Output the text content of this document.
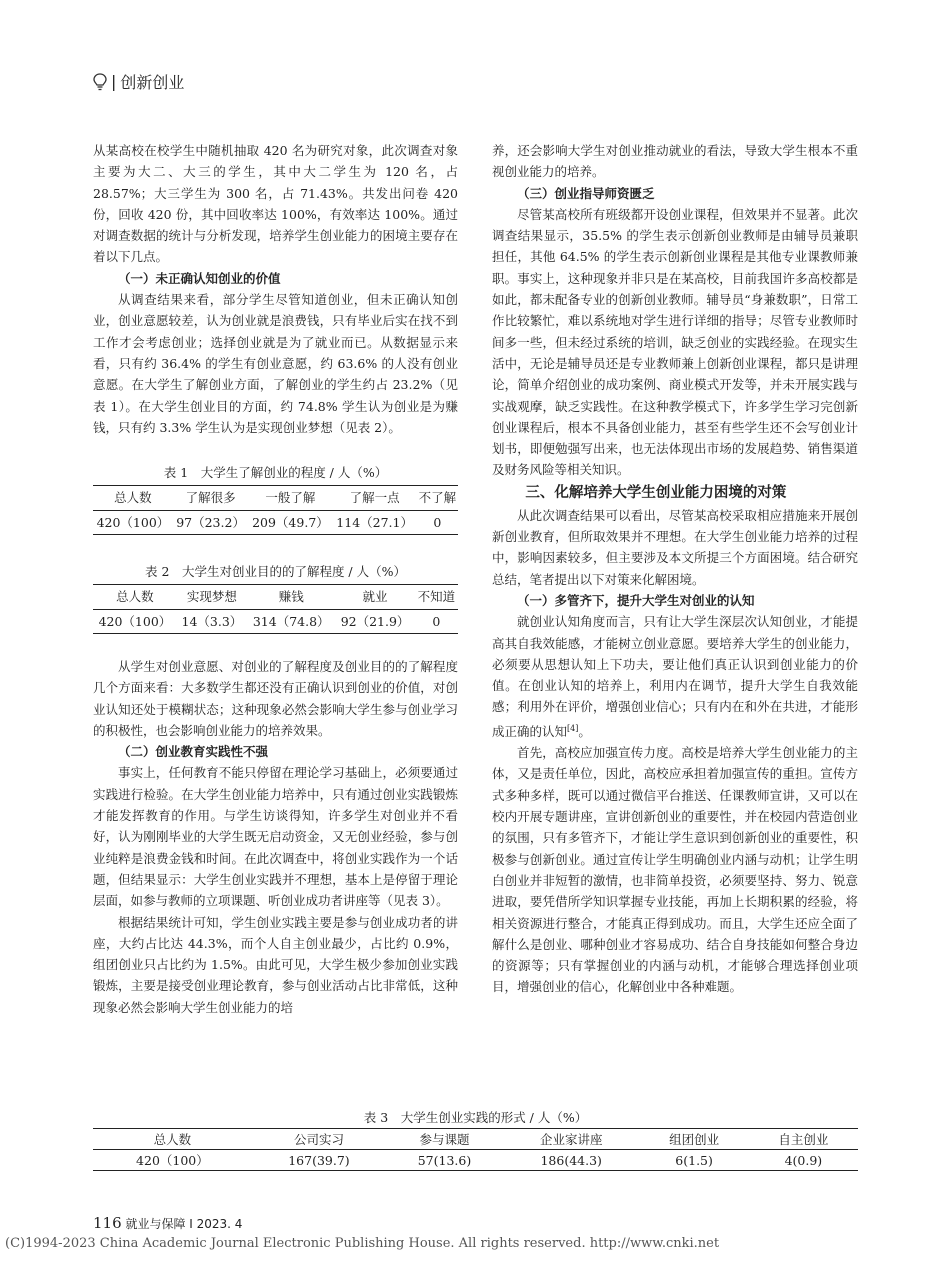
| 创新创业

从某高校在校学生中随机抽取 420 名为研究对象，此次调查对象主要为大二、大三的学生，其中大二学生为 120 名，占 28.57%；大三学生为 300 名，占 71.43%。共发出问卷 420 份，回收 420 份，其中回收率达 100%，有效率达 100%。通过对调查数据的统计与分析发现，培养学生创业能力的困境主要存在着以下几点。

（一）未正确认知创业的价值

从调查结果来看，部分学生尽管知道创业，但未正确认知创业，创业意愿较差，认为创业就是浪费钱，只有毕业后实在找不到工作才会考虑创业；选择创业就是为了就业而已。从数据显示来看，只有约 36.4% 的学生有创业意愿，约 63.6% 的人没有创业意愿。在大学生了解创业方面，了解创业的学生约占 23.2%（见表 1）。在大学生创业目的方面，约 74.8% 学生认为创业是为赚钱，只有约 3.3% 学生认为是实现创业梦想（见表 2）。

表 1　大学生了解创业的程度 / 人（%）
总人数	了解很多	一般了解	了解一点	不了解
420（100）	97（23.2）	209（49.7）	114（27.1）	0
表 2　大学生对创业目的的了解程度 / 人（%）
总人数	实现梦想	赚钱	就业	不知道
420（100）	14（3.3）	314（74.8）	92（21.9）	0

从学生对创业意愿、对创业的了解程度及创业目的的了解程度几个方面来看：大多数学生都还没有正确认识到创业的价值，对创业认知还处于模糊状态；这种现象必然会影响大学生参与创业学习的积极性，也会影响创业能力的培养效果。

（二）创业教育实践性不强

事实上，任何教育不能只停留在理论学习基础上，必须要通过实践进行检验。在大学生创业能力培养中，只有通过创业实践锻炼才能发挥教育的作用。与学生访谈得知，许多学生对创业并不看好，认为刚刚毕业的大学生既无启动资金，又无创业经验，参与创业纯粹是浪费金钱和时间。在此次调查中，将创业实践作为一个话题，但结果显示：大学生创业实践并不理想，基本上是停留于理论层面，如参与教师的立项课题、听创业成功者讲座等（见表 3）。

根据结果统计可知，学生创业实践主要是参与创业成功者的讲座，大约占比达 44.3%，而个人自主创业最少，占比约 0.9%，组团创业只占比约为 1.5%。由此可见，大学生极少参加创业实践锻炼，主要是接受创业理论教育，参与创业活动占比非常低，这种现象必然会影响大学生创业能力的培

养，还会影响大学生对创业推动就业的看法，导致大学生根本不重视创业能力的培养。

（三）创业指导师资匮乏

尽管某高校所有班级都开设创业课程，但效果并不显著。此次调查结果显示，35.5% 的学生表示创新创业教师是由辅导员兼职担任，其他 64.5% 的学生表示创新创业课程是其他专业课教师兼职。事实上，这种现象并非只是在某高校，目前我国许多高校都是如此，都未配备专业的创新创业教师。辅导员“身兼数职”，日常工作比较繁忙，难以系统地对学生进行详细的指导；尽管专业教师时间多一些，但未经过系统的培训，缺乏创业的实践经验。在现实生活中，无论是辅导员还是专业教师兼上创新创业课程，都只是讲理论，简单介绍创业的成功案例、商业模式开发等，并未开展实践与实战观摩，缺乏实践性。在这种教学模式下，许多学生学习完创新创业课程后，根本不具备创业能力，甚至有些学生还不会写创业计划书，即便勉强写出来，也无法体现出市场的发展趋势、销售渠道及财务风险等相关知识。

三、化解培养大学生创业能力困境的对策

从此次调查结果可以看出，尽管某高校采取相应措施来开展创新创业教育，但所取效果并不理想。在大学生创业能力培养的过程中，影响因素较多，但主要涉及本文所提三个方面困境。结合研究总结，笔者提出以下对策来化解困境。

（一）多管齐下，提升大学生对创业的认知

就创业认知角度而言，只有让大学生深层次认知创业，才能提高其自我效能感，才能树立创业意愿。要培养大学生的创业能力，必须要从思想认知上下功夫，要让他们真正认识到创业能力的价值。在创业认知的培养上，利用内在调节，提升大学生自我效能感；利用外在评价，增强创业信心；只有内在和外在共进，才能形成正确的认知[4]。

首先，高校应加强宣传力度。高校是培养大学生创业能力的主体，又是责任单位，因此，高校应承担着加强宣传的重担。宣传方式多种多样，既可以通过微信平台推送、任课教师宣讲，又可以在校内开展专题讲座，宣讲创新创业的重要性，并在校园内营造创业的氛围，只有多管齐下，才能让学生意识到创新创业的重要性，积极参与创新创业。通过宣传让学生明确创业内涵与动机；让学生明白创业并非短暂的激情，也非简单投资，必须要坚持、努力、锐意进取，要凭借所学知识掌握专业技能，再加上长期积累的经验，将相关资源进行整合，才能真正得到成功。而且，大学生还应全面了解什么是创业、哪种创业才容易成功、结合自身技能如何整合身边的资源等；只有掌握创业的内涵与动机，才能够合理选择创业项目，增强创业的信心，化解创业中各种难题。

表 3　大学生创业实践的形式 / 人（%）
总人数	公司实习	参与课题	企业家讲座	组团创业	自主创业
420（100）	167(39.7)	57(13.6)	186(44.3)	6(1.5)	4(0.9)
116 就业与保障 I 2023. 4
(C)1994-2023 China Academic Journal Electronic Publishing House. All rights reserved. http://www.cnki.net
